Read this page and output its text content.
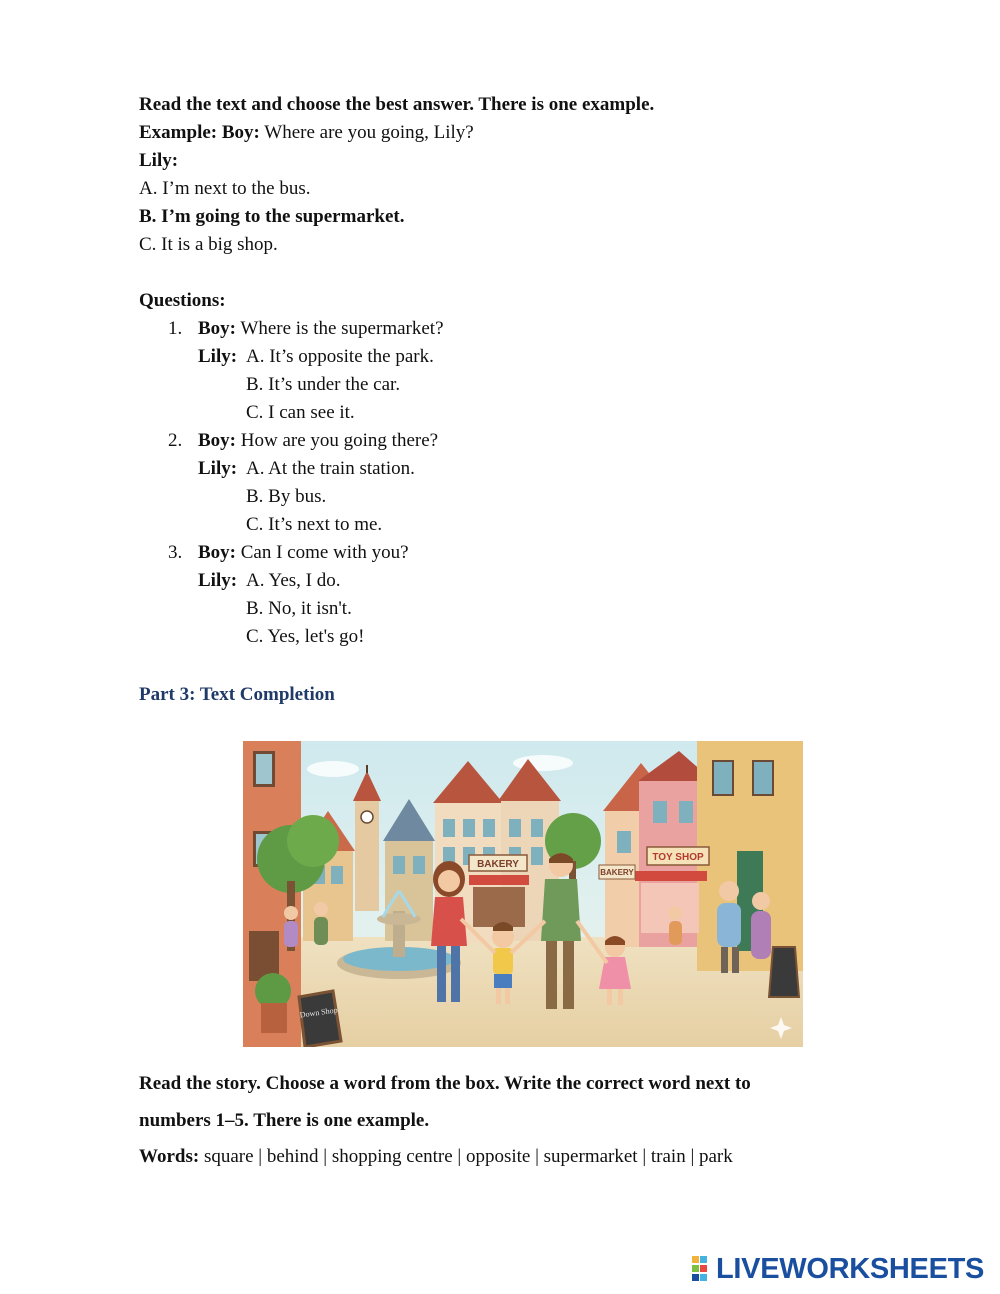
Read the text and choose the best answer. There is one example.
Example: Boy: Where are you going, Lily?
Lily:
A. I’m next to the bus.
B. I’m going to the supermarket.
C. It is a big shop.
Questions:
1. Boy: Where is the supermarket?
Lily: A. It’s opposite the park.
B. It’s under the car.
C. I can see it.
2. Boy: How are you going there?
Lily: A. At the train station.
B. By bus.
C. It’s next to me.
3. Boy: Can I come with you?
Lily: A. Yes, I do.
B. No, it isn't.
C. Yes, let's go!
Part 3: Text Completion
BAKERY
TOY SHOP
BAKERY
Down Shop
Read the story. Choose a word from the box. Write the correct word next to
numbers 1–5. There is one example.
Words: square | behind | shopping centre | opposite | supermarket | train | park
LIVEWORKSHEETS
